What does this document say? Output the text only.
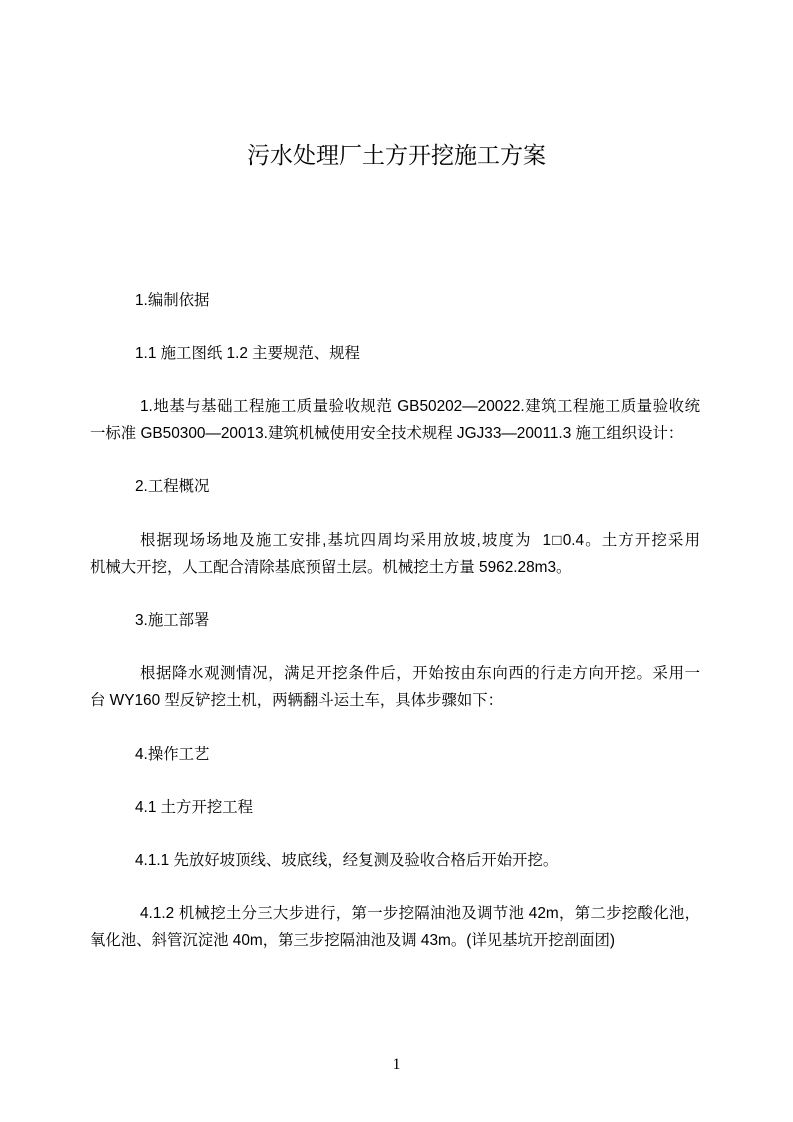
污水处理厂土方开挖施工方案
1.编制依据
1.1 施工图纸 1.2 主要规范、规程
1.地基与基础工程施工质量验收规范 GB50202—20022.建筑工程施工质量验收统
一标准 GB50300—20013.建筑机械使用安全技术规程 JGJ33—20011.3 施工组织设计：
2.工程概况
根据现场场地及施工安排,基坑四周均采用放坡,坡度为  1□0.4。土方开挖采用
机械大开挖，人工配合清除基底预留土层。机械挖土方量 5962.28m3。
3.施工部署
根据降水观测情况，满足开挖条件后，开始按由东向西的行走方向开挖。采用一
台 WY160 型反铲挖土机，两辆翻斗运土车，具体步骤如下：
4.操作工艺
4.1 土方开挖工程
4.1.1 先放好坡顶线、坡底线，经复测及验收合格后开始开挖。
4.1.2 机械挖土分三大步进行，第一步挖隔油池及调节池 42m，第二步挖酸化池，
氧化池、斜管沉淀池 40m，第三步挖隔油池及调 43m。(详见基坑开挖剖面团)
1
